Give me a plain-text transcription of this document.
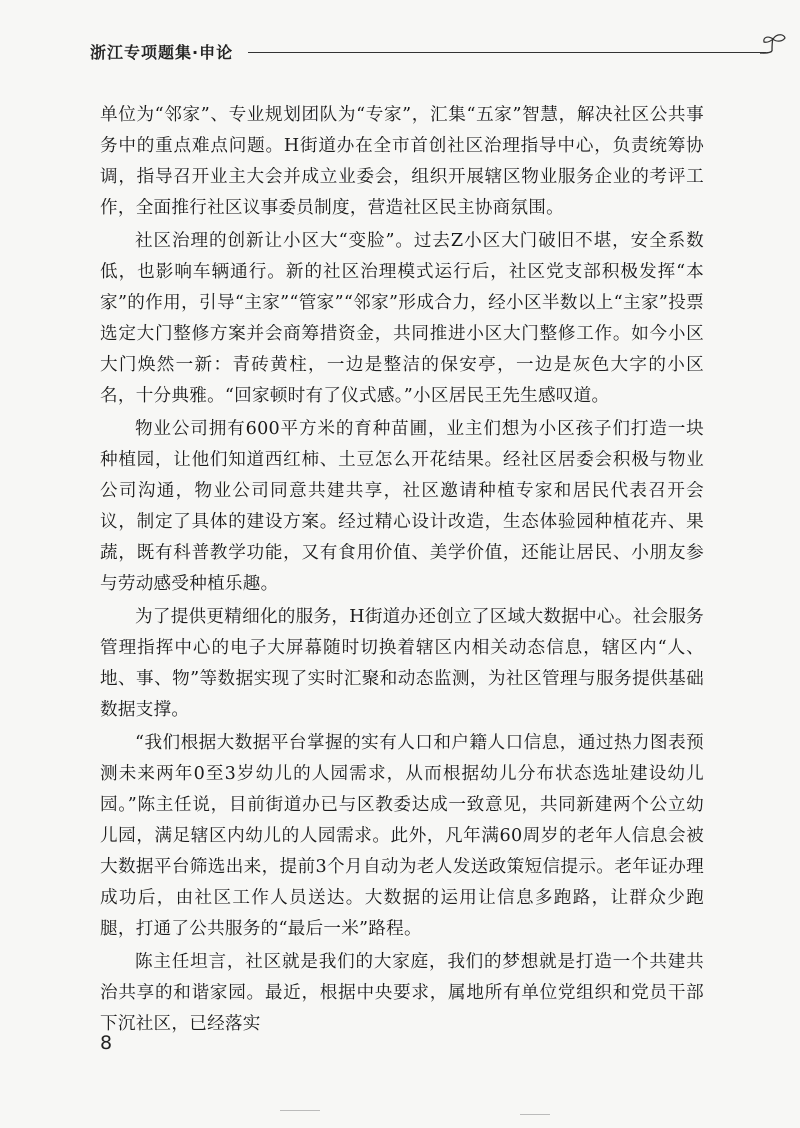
浙江专项题集·申论

单位为“邻家”、专业规划团队为“专家”，汇集“五家”智慧，解决社区公共事务中的重点难点问题。H街道办在全市首创社区治理指导中心，负责统筹协调，指导召开业主大会并成立业委会，组织开展辖区物业服务企业的考评工作，全面推行社区议事委员制度，营造社区民主协商氛围。

社区治理的创新让小区大“变脸”。过去Z小区大门破旧不堪，安全系数低，也影响车辆通行。新的社区治理模式运行后，社区党支部积极发挥“本家”的作用，引导“主家”“管家”“邻家”形成合力，经小区半数以上“主家”投票选定大门整修方案并会商筹措资金，共同推进小区大门整修工作。如今小区大门焕然一新：青砖黄柱，一边是整洁的保安亭，一边是灰色大字的小区名，十分典雅。“回家顿时有了仪式感。”小区居民王先生感叹道。

物业公司拥有600平方米的育种苗圃，业主们想为小区孩子们打造一块种植园，让他们知道西红柿、土豆怎么开花结果。经社区居委会积极与物业公司沟通，物业公司同意共建共享，社区邀请种植专家和居民代表召开会议，制定了具体的建设方案。经过精心设计改造，生态体验园种植花卉、果蔬，既有科普教学功能，又有食用价值、美学价值，还能让居民、小朋友参与劳动感受种植乐趣。

为了提供更精细化的服务，H街道办还创立了区域大数据中心。社会服务管理指挥中心的电子大屏幕随时切换着辖区内相关动态信息，辖区内“人、地、事、物”等数据实现了实时汇聚和动态监测，为社区管理与服务提供基础数据支撑。

“我们根据大数据平台掌握的实有人口和户籍人口信息，通过热力图表预测未来两年0至3岁幼儿的人园需求，从而根据幼儿分布状态选址建设幼儿园。”陈主任说，目前街道办已与区教委达成一致意见，共同新建两个公立幼儿园，满足辖区内幼儿的人园需求。此外，凡年满60周岁的老年人信息会被大数据平台筛选出来，提前3个月自动为老人发送政策短信提示。老年证办理成功后，由社区工作人员送达。大数据的运用让信息多跑路，让群众少跑腿，打通了公共服务的“最后一米”路程。

陈主任坦言，社区就是我们的大家庭，我们的梦想就是打造一个共建共治共享的和谐家园。最近，根据中央要求，属地所有单位党组织和党员干部下沉社区，已经落实

8
